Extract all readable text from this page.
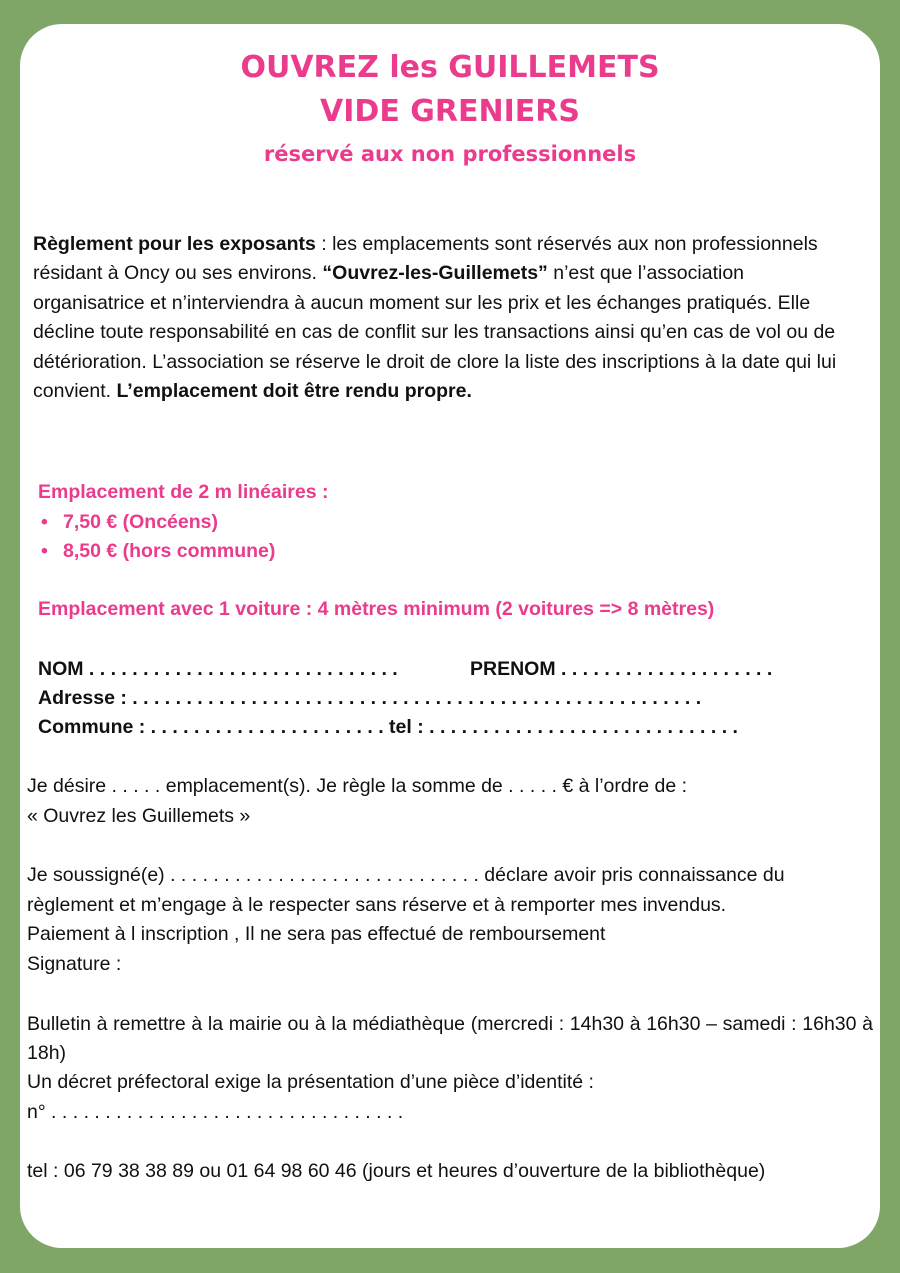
OUVREZ les GUILLEMETS
VIDE GRENIERS
réservé aux non professionnels

Règlement pour les exposants : les emplacements sont réservés aux non professionnels résidant à Oncy ou ses environs. “Ouvrez-les-Guillemets” n’est que l’association organisatrice et n’interviendra à aucun moment sur les prix et les échanges pratiqués. Elle décline toute responsabilité en cas de conflit sur les transactions ainsi qu’en cas de vol ou de détérioration. L’association se réserve le droit de clore la liste des inscriptions à la date qui lui convient. L’emplacement doit être rendu propre.

Emplacement de 2 m linéaires :

• 7,50 € (Oncéens)
• 8,50 € (hors commune)

Emplacement avec 1 voiture : 4 mètres minimum (2 voitures => 8 mètres)

NOM . . . . . . . . . . . . . . . . . . . . . . . . . . . . .	PRENOM . . . . . . . . . . . . . . . . . . . .

Adresse : . . . . . . . . . . . . . . . . . . . . . . . . . . . . . . . . . . . . . . . . . . . . . . . . . . . . .

Commune : . . . . . . . . . . . . . . . . . . . . . . tel : . . . . . . . . . . . . . . . . . . . . . . . . . . . . .

Je désire . . . . . emplacement(s). Je règle la somme de . . . . . € à l’ordre de :

« Ouvrez les Guillemets »

Je soussigné(e) . . . . . . . . . . . . . . . . . . . . . . . . . . . . . déclare avoir pris connaissance du

règlement et m’engage à le respecter sans réserve et à remporter mes invendus.

Paiement à l inscription , Il ne sera pas effectué de remboursement

Signature :

Bulletin à remettre à la mairie ou à la médiathèque (mercredi : 14h30 à 16h30 – samedi : 16h30 à 18h)

Un décret préfectoral exige la présentation d’une pièce d’identité :

n° . . . . . . . . . . . . . . . . . . . . . . . . . . . . . . . . .

tel : 06 79 38 38 89 ou 01 64 98 60 46 (jours et heures d’ouverture de la bibliothèque)
